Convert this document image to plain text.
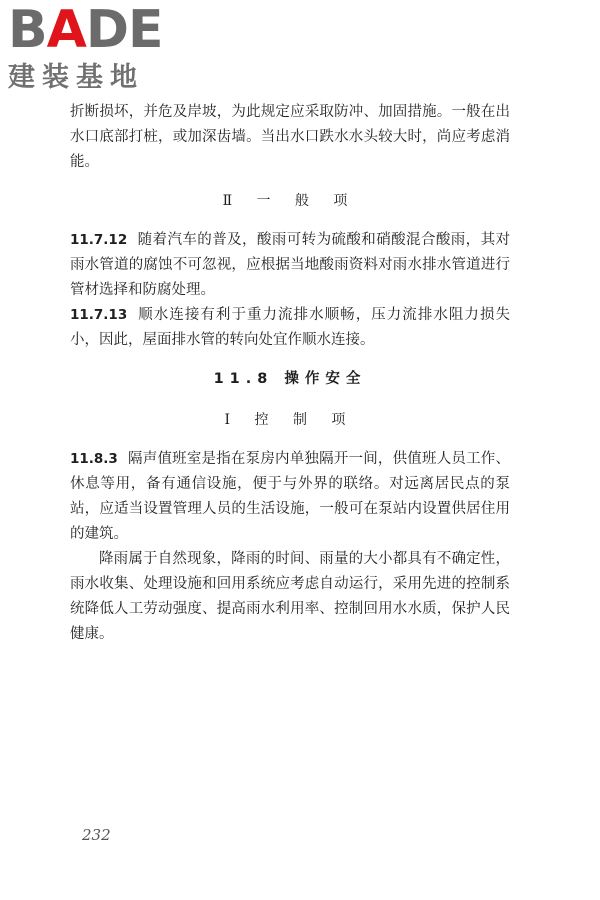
BADE
建装基地

折断损坏，并危及岸坡，为此规定应采取防冲、加固措施。一般在出水口底部打桩，或加深齿墙。当出水口跌水水头较大时，尚应考虑消能。

Ⅱ 一 般 项

11.7.12 随着汽车的普及，酸雨可转为硫酸和硝酸混合酸雨，其对雨水管道的腐蚀不可忽视，应根据当地酸雨资料对雨水排水管道进行管材选择和防腐处理。

11.7.13 顺水连接有利于重力流排水顺畅，压力流排水阻力损失小，因此，屋面排水管的转向处宜作顺水连接。

11.8 操作安全

Ⅰ 控 制 项

11.8.3 隔声值班室是指在泵房内单独隔开一间，供值班人员工作、休息等用，备有通信设施，便于与外界的联络。对远离居民点的泵站，应适当设置管理人员的生活设施，一般可在泵站内设置供居住用的建筑。

降雨属于自然现象，降雨的时间、雨量的大小都具有不确定性，雨水收集、处理设施和回用系统应考虑自动运行，采用先进的控制系统降低人工劳动强度、提高雨水利用率、控制回用水水质，保护人民健康。

232
